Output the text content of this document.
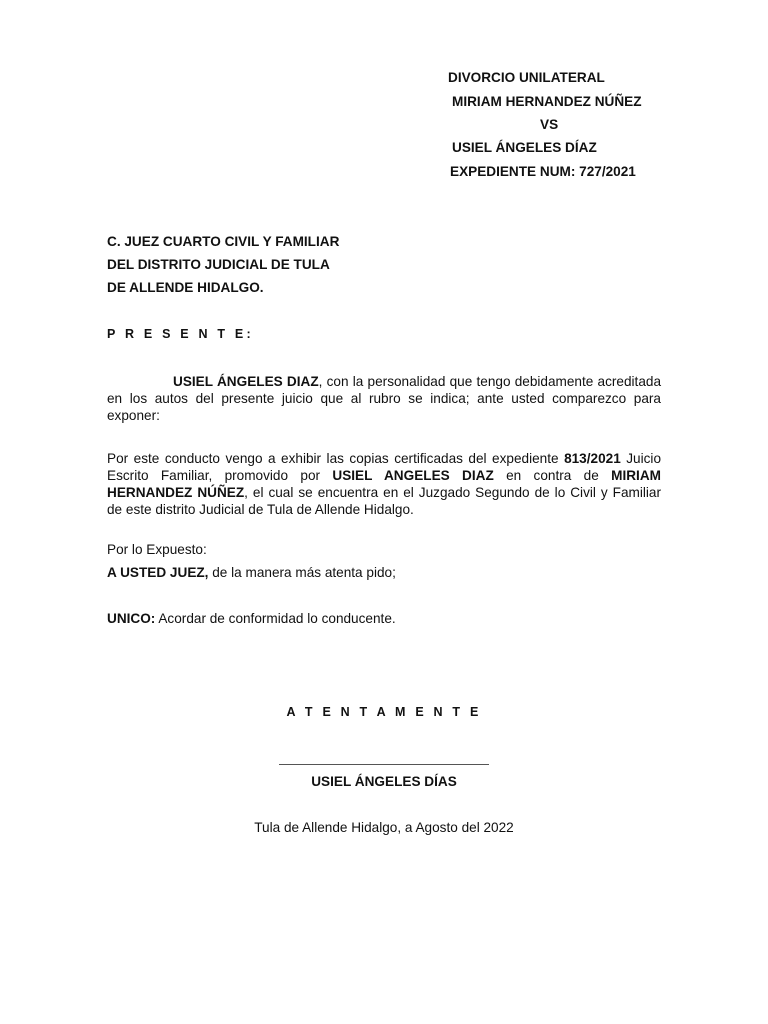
DIVORCIO UNILATERAL

MIRIAM HERNANDEZ NÚÑEZ

VS

USIEL ÁNGELES DÍAZ

EXPEDIENTE NUM: 727/2021

C. JUEZ CUARTO CIVIL Y FAMILIAR

DEL DISTRITO JUDICIAL DE TULA

DE ALLENDE HIDALGO.

P R E S E N T E:

USIEL ÁNGELES DIAZ, con la personalidad que tengo debidamente acreditada en los autos del presente juicio que al rubro se indica; ante usted comparezco para exponer:

Por este conducto vengo a exhibir las copias certificadas del expediente 813/2021 Juicio Escrito Familiar, promovido por USIEL ANGELES DIAZ en contra de MIRIAM HERNANDEZ NÚÑEZ, el cual se encuentra en el Juzgado Segundo de lo Civil y Familiar de este distrito Judicial de Tula de Allende Hidalgo.

Por lo Expuesto:

A USTED JUEZ, de la manera más atenta pido;

UNICO: Acordar de conformidad lo conducente.

A T E N T A M E N T E

USIEL ÁNGELES DÍAS

Tula de Allende Hidalgo, a Agosto del 2022
